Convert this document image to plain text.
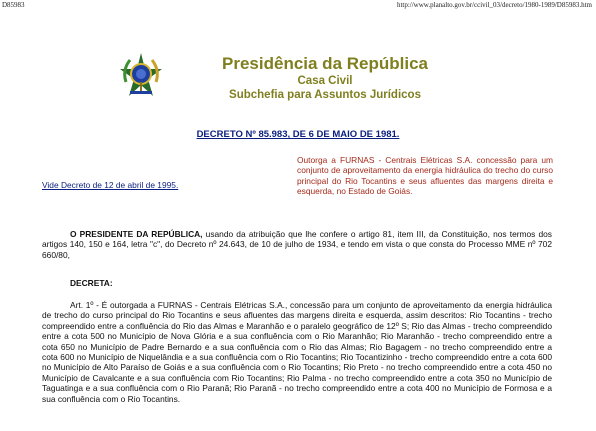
D85983	http://www.planalto.gov.br/ccivil_03/decreto/1980-1989/D85983.htm
Presidência da República
Casa Civil
Subchefia para Assuntos Jurídicos
DECRETO Nº 85.983, DE 6 DE MAIO DE 1981.
Outorga a FURNAS - Centrais Elétricas S.A. concessão para um conjunto de aproveitamento da energia hidráulica do trecho do curso principal do Rio Tocantins e seus afluentes das margens direita e esquerda, no Estado de Goiás.
Vide Decreto de 12 de abril de 1995.

O PRESIDENTE DA REPÚBLICA, usando da atribuição que lhe confere o artigo 81, item III, da Constituição, nos termos dos artigos 140, 150 e 164, letra "c", do Decreto nº 24.643, de 10 de julho de 1934, e tendo em vista o que consta do Processo MME nº 702 660/80,

DECRETA:

Art. 1º - É outorgada a FURNAS - Centrais Elétricas S.A., concessão para um conjunto de aproveitamento da energia hidráulica de trecho do curso principal do Rio Tocantins e seus afluentes das margens direita e esquerda, assim descritos: Rio Tocantins - trecho compreendido entre a confluência do Rio das Almas e Maranhão e o paralelo geográfico de 12º S; Rio das Almas - trecho compreendido entre a cota 500 no Município de Nova Glória e a sua confluência com o Rio Maranhão; Rio Maranhão - trecho compreendido entre a cota 650 no Município de Padre Bernardo e a sua confluência com o Rio das Almas; Rio Bagagem - no trecho compreendido entre a cota 600 no Município de Niquelândia e a sua confluência com o Rio Tocantins; Rio Tocantizinho - trecho compreendido entre a cota 600 no Município de Alto Paraíso de Goiás e a sua confluência com o Rio Tocantins; Rio Preto - no trecho compreendido entre a cota 450 no Município de Cavalcante e a sua confluência com Rio Tocantins; Rio Palma - no trecho compreendido entre a cota 350 no Município de Taguatinga e a sua confluência com o Rio Paranã; Rio Paranã - no trecho compreendido entre a cota 400 no Município de Formosa e a sua confluência com o Rio Tocantins.
